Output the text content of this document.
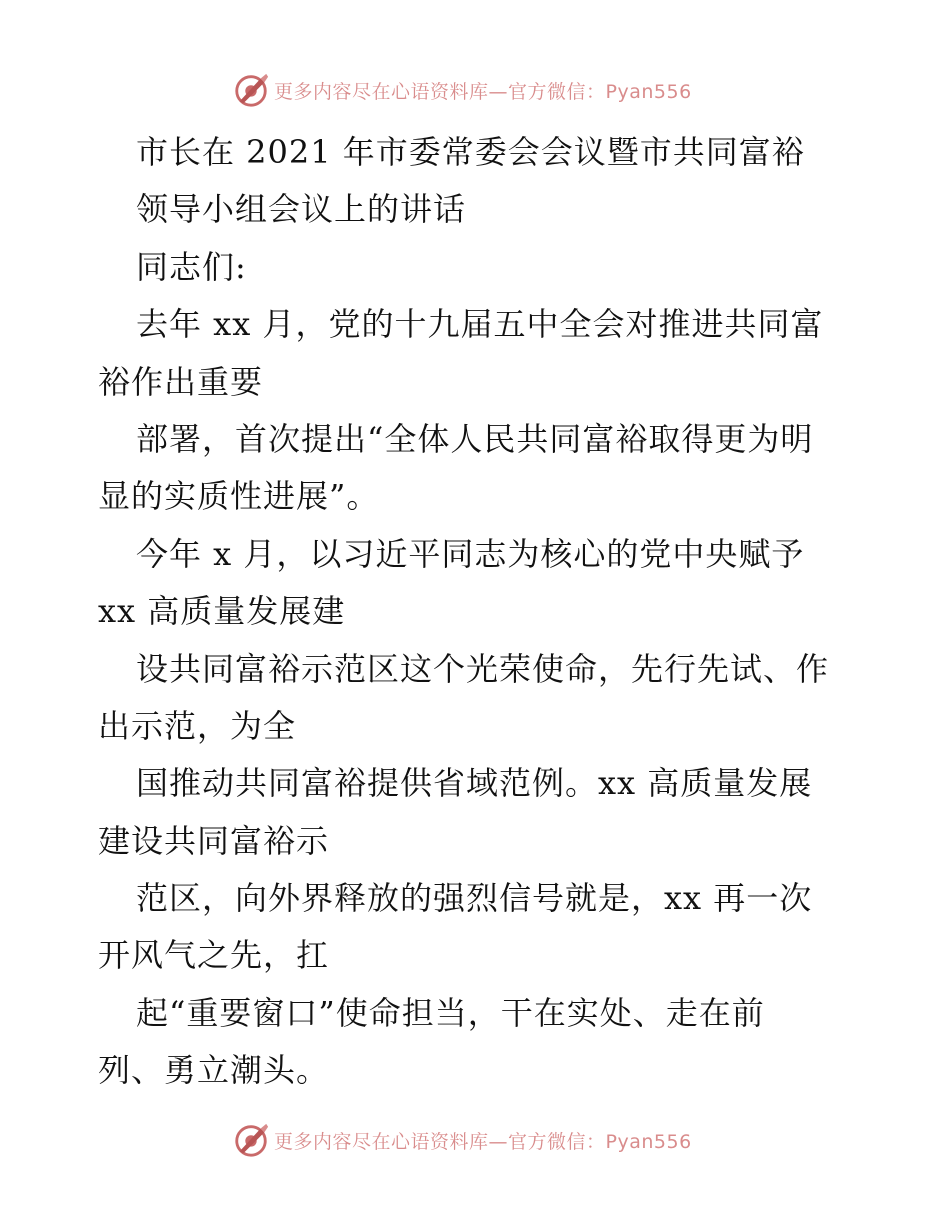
更多内容尽在心语资料库—官方微信：Pyan556
市长在 2021 年市委常委会会议暨市共同富裕
领导小组会议上的讲话
同志们:
去年 xx 月，党的十九届五中全会对推进共同富
裕作出重要
部署，首次提出“全体人民共同富裕取得更为明
显的实质性进展”。
今年 x 月，以习近平同志为核心的党中央赋予
xx 高质量发展建
设共同富裕示范区这个光荣使命，先行先试、作
出示范，为全
国推动共同富裕提供省域范例。xx 高质量发展
建设共同富裕示
范区，向外界释放的强烈信号就是，xx 再一次
开风气之先，扛
起“重要窗口”使命担当，干在实处、走在前
列、勇立潮头。
更多内容尽在心语资料库—官方微信：Pyan556
